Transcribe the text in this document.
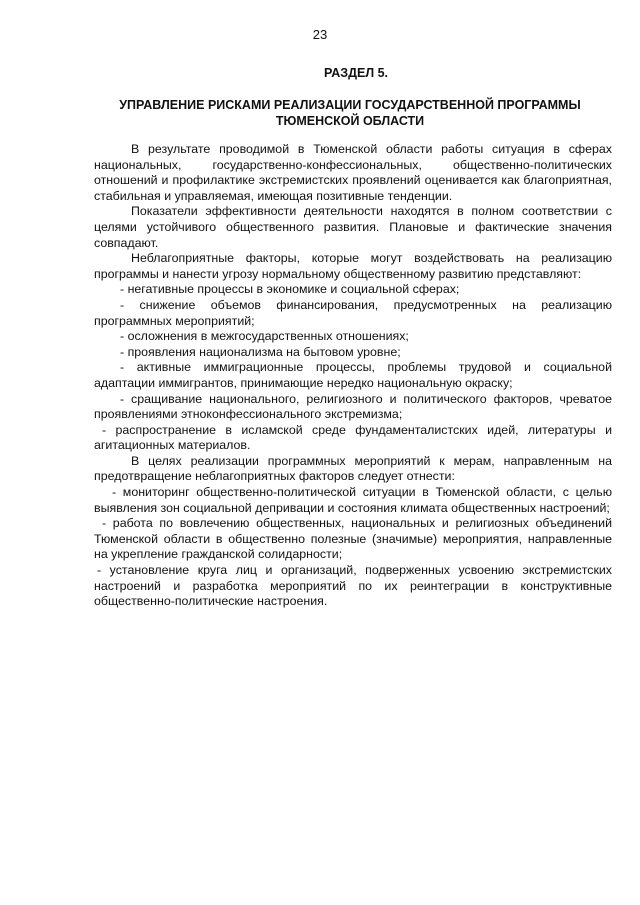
23
РАЗДЕЛ 5.
УПРАВЛЕНИЕ РИСКАМИ РЕАЛИЗАЦИИ ГОСУДАРСТВЕННОЙ ПРОГРАММЫ ТЮМЕНСКОЙ ОБЛАСТИ

В результате проводимой в Тюменской области работы ситуация в сферах национальных, государственно-конфессиональных, общественно-политических отношений и профилактике экстремистских проявлений оценивается как благоприятная, стабильная и управляемая, имеющая позитивные тенденции.

Показатели эффективности деятельности находятся в полном соответствии с целями устойчивого общественного развития. Плановые и фактические значения совпадают.

Неблагоприятные факторы, которые могут воздействовать на реализацию программы и нанести угрозу нормальному общественному развитию представляют:

- негативные процессы в экономике и социальной сферах;

- снижение объемов финансирования, предусмотренных на реализацию программных мероприятий;

- осложнения в межгосударственных отношениях;

- проявления национализма на бытовом уровне;

- активные иммиграционные процессы, проблемы трудовой и социальной адаптации иммигрантов, принимающие нередко национальную окраску;

- сращивание национального, религиозного и политического факторов, чреватое проявлениями этноконфессионального экстремизма;

- распространение в исламской среде фундаменталистских идей, литературы и агитационных материалов.

В целях реализации программных мероприятий к мерам, направленным на предотвращение неблагоприятных факторов следует отнести:

- мониторинг общественно-политической ситуации в Тюменской области, с целью выявления зон социальной депривации и состояния климата общественных настроений;

- работа по вовлечению общественных, национальных и религиозных объединений Тюменской области в общественно полезные (значимые) мероприятия, направленные на укрепление гражданской солидарности;

- установление круга лиц и организаций, подверженных усвоению экстремистских настроений и разработка мероприятий по их реинтеграции в конструктивные общественно-политические настроения.
